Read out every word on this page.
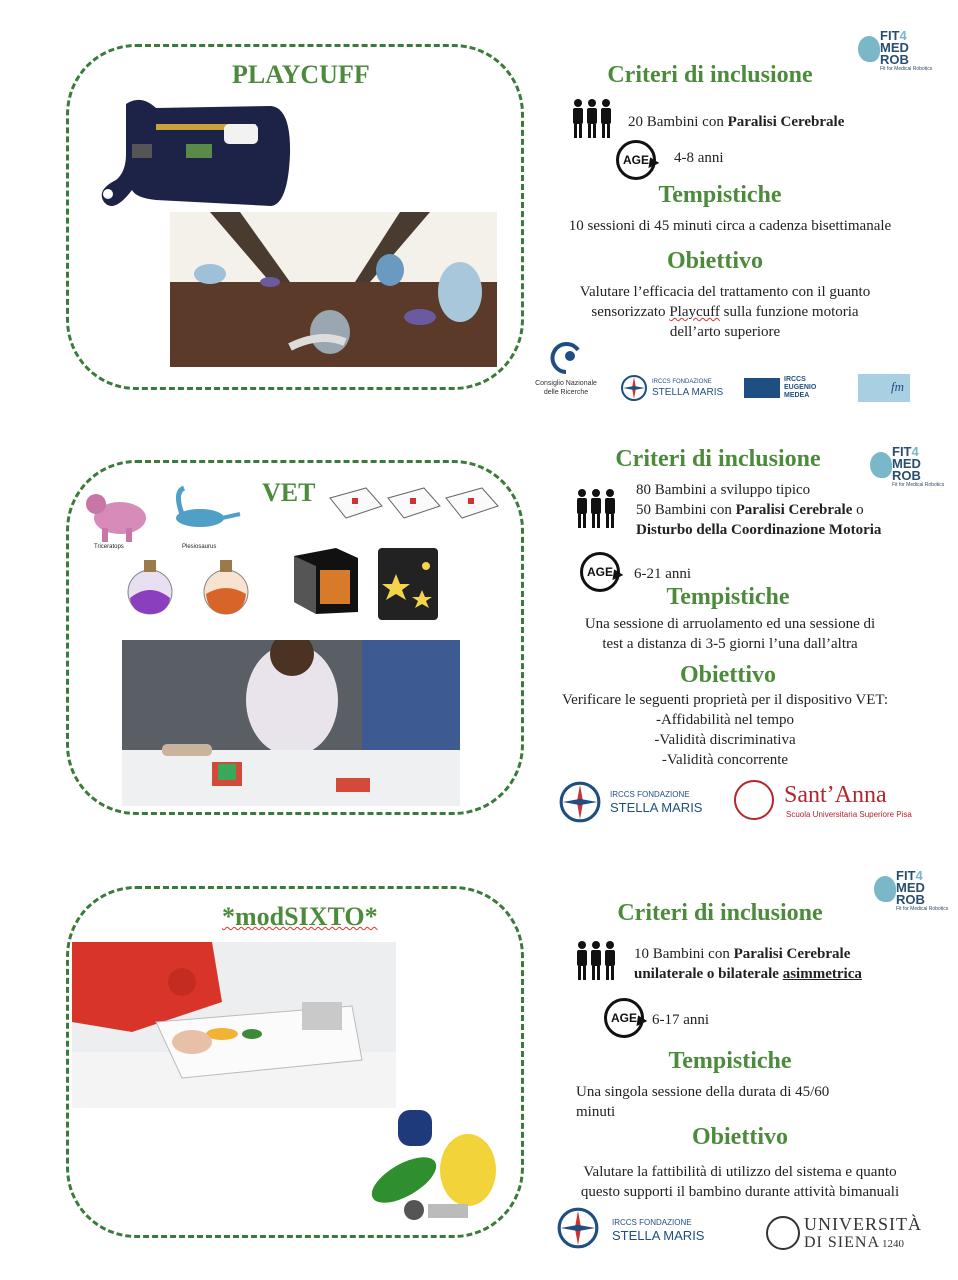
PLAYCUFF
FIT4
MED
ROB
Fit for Medical Robotics
Criteri di inclusione
20 Bambini con Paralisi Cerebrale
AGE	4-8 anni
Tempistiche
10 sessioni di 45 minuti circa a cadenza bisettimanale
Obiettivo
Valutare l’efficacia del trattamento con il guanto
sensorizzato Playcuff sulla funzione motoria
dell’arto superiore
Consiglio Nazionale
delle Ricerche
IRCCS FONDAZIONE
STELLA MARIS
IRCCS
EUGENIO
MEDEA
fm
VET
Triceratops	Plesiosaurus
FIT4
MED
ROB
Fit for Medical Robotics
Criteri di inclusione
80 Bambini a sviluppo tipico
50 Bambini con Paralisi Cerebrale o
Disturbo della Coordinazione Motoria
AGE	6-21 anni
Tempistiche
Una sessione di arruolamento ed una sessione di
test a distanza di 3-5 giorni l’una dall’altra
Obiettivo
Verificare le seguenti proprietà per il dispositivo VET:
-Affidabilità nel tempo
-Validità discriminativa
-Validità concorrente
IRCCS FONDAZIONE
STELLA MARIS	Sant’Anna
Scuola Universitaria Superiore Pisa
*modSIXTO*
FIT4
MED
ROB
Fit for Medical Robotics
Criteri di inclusione
10 Bambini con Paralisi Cerebrale
unilaterale o bilaterale asimmetrica
AGE	6-17 anni
Tempistiche
Una singola sessione della durata di 45/60
minuti
Obiettivo
Valutare la fattibilità di utilizzo del sistema e quanto
questo supporti il bambino durante attività bimanuali
IRCCS FONDAZIONE
STELLA MARIS
UNIVERSITÀ
DI SIENA 1240
